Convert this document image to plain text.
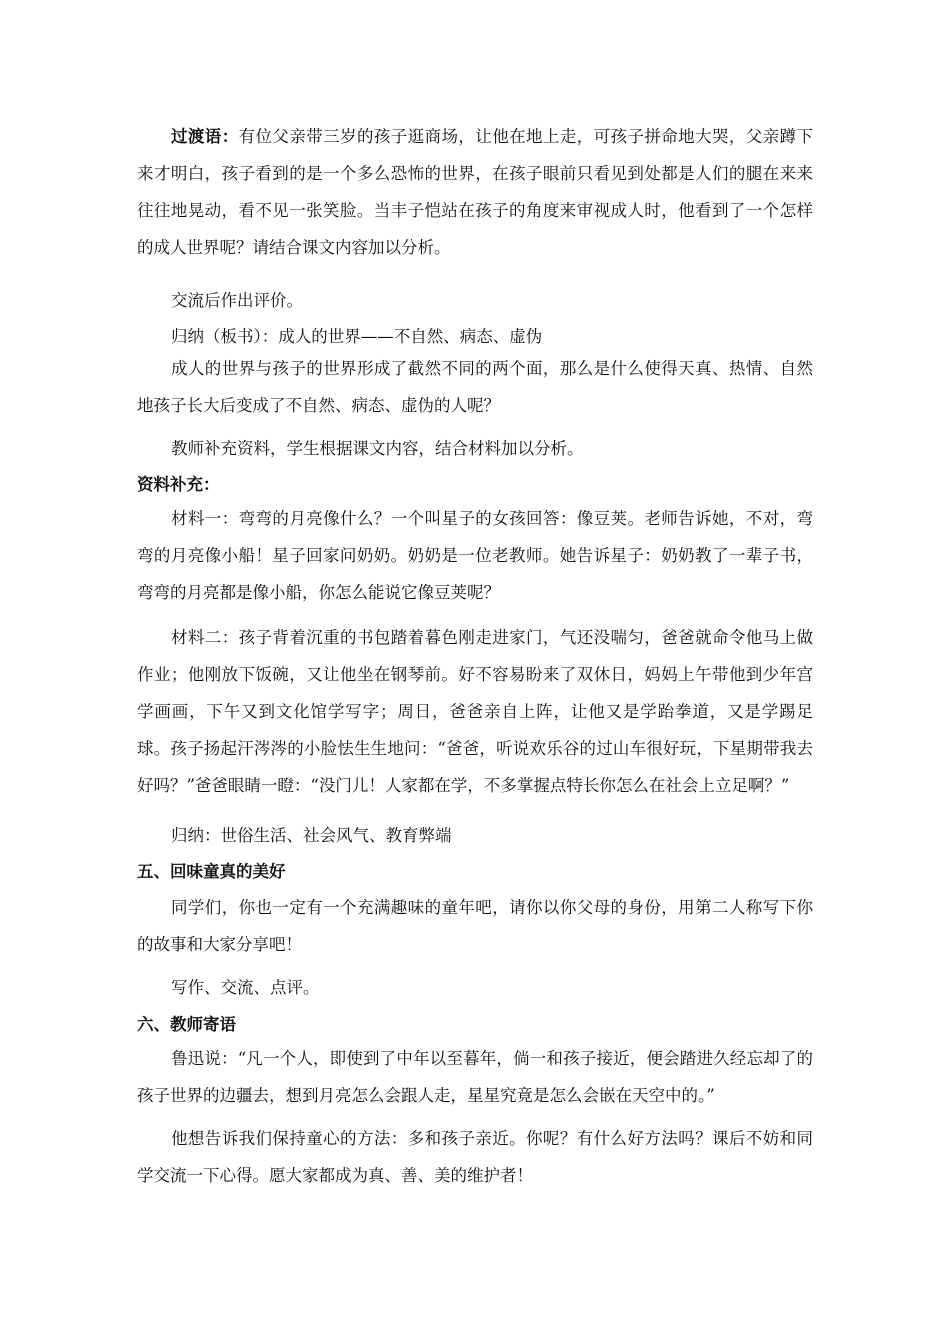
过渡语：有位父亲带三岁的孩子逛商场，让他在地上走，可孩子拼命地大哭，父亲蹲下来才明白，孩子看到的是一个多么恐怖的世界，在孩子眼前只看见到处都是人们的腿在来来往往地晃动，看不见一张笑脸。当丰子恺站在孩子的角度来审视成人时，他看到了一个怎样的成人世界呢？请结合课文内容加以分析。

交流后作出评价。

归纳（板书）：成人的世界——不自然、病态、虚伪

成人的世界与孩子的世界形成了截然不同的两个面，那么是什么使得天真、热情、自然地孩子长大后变成了不自然、病态、虚伪的人呢？

教师补充资料，学生根据课文内容，结合材料加以分析。

资料补充：

材料一：弯弯的月亮像什么？一个叫星子的女孩回答：像豆荚。老师告诉她，不对，弯弯的月亮像小船！星子回家问奶奶。奶奶是一位老教师。她告诉星子：奶奶教了一辈子书，弯弯的月亮都是像小船，你怎么能说它像豆荚呢？

材料二：孩子背着沉重的书包踏着暮色刚走进家门，气还没喘匀，爸爸就命令他马上做作业；他刚放下饭碗，又让他坐在钢琴前。好不容易盼来了双休日，妈妈上午带他到少年宫学画画，下午又到文化馆学写字；周日，爸爸亲自上阵，让他又是学跆拳道，又是学踢足球。孩子扬起汗涔涔的小脸怯生生地问：“爸爸，听说欢乐谷的过山车很好玩，下星期带我去好吗？”爸爸眼睛一瞪：“没门儿！人家都在学，不多掌握点特长你怎么在社会上立足啊？”

归纳：世俗生活、社会风气、教育弊端

五、回味童真的美好

同学们，你也一定有一个充满趣味的童年吧，请你以你父母的身份，用第二人称写下你的故事和大家分享吧！

写作、交流、点评。

六、教师寄语

鲁迅说：“凡一个人，即使到了中年以至暮年，倘一和孩子接近，便会踏进久经忘却了的孩子世界的边疆去，想到月亮怎么会跟人走，星星究竟是怎么会嵌在天空中的。”

他想告诉我们保持童心的方法：多和孩子亲近。你呢？有什么好方法吗？课后不妨和同学交流一下心得。愿大家都成为真、善、美的维护者！
